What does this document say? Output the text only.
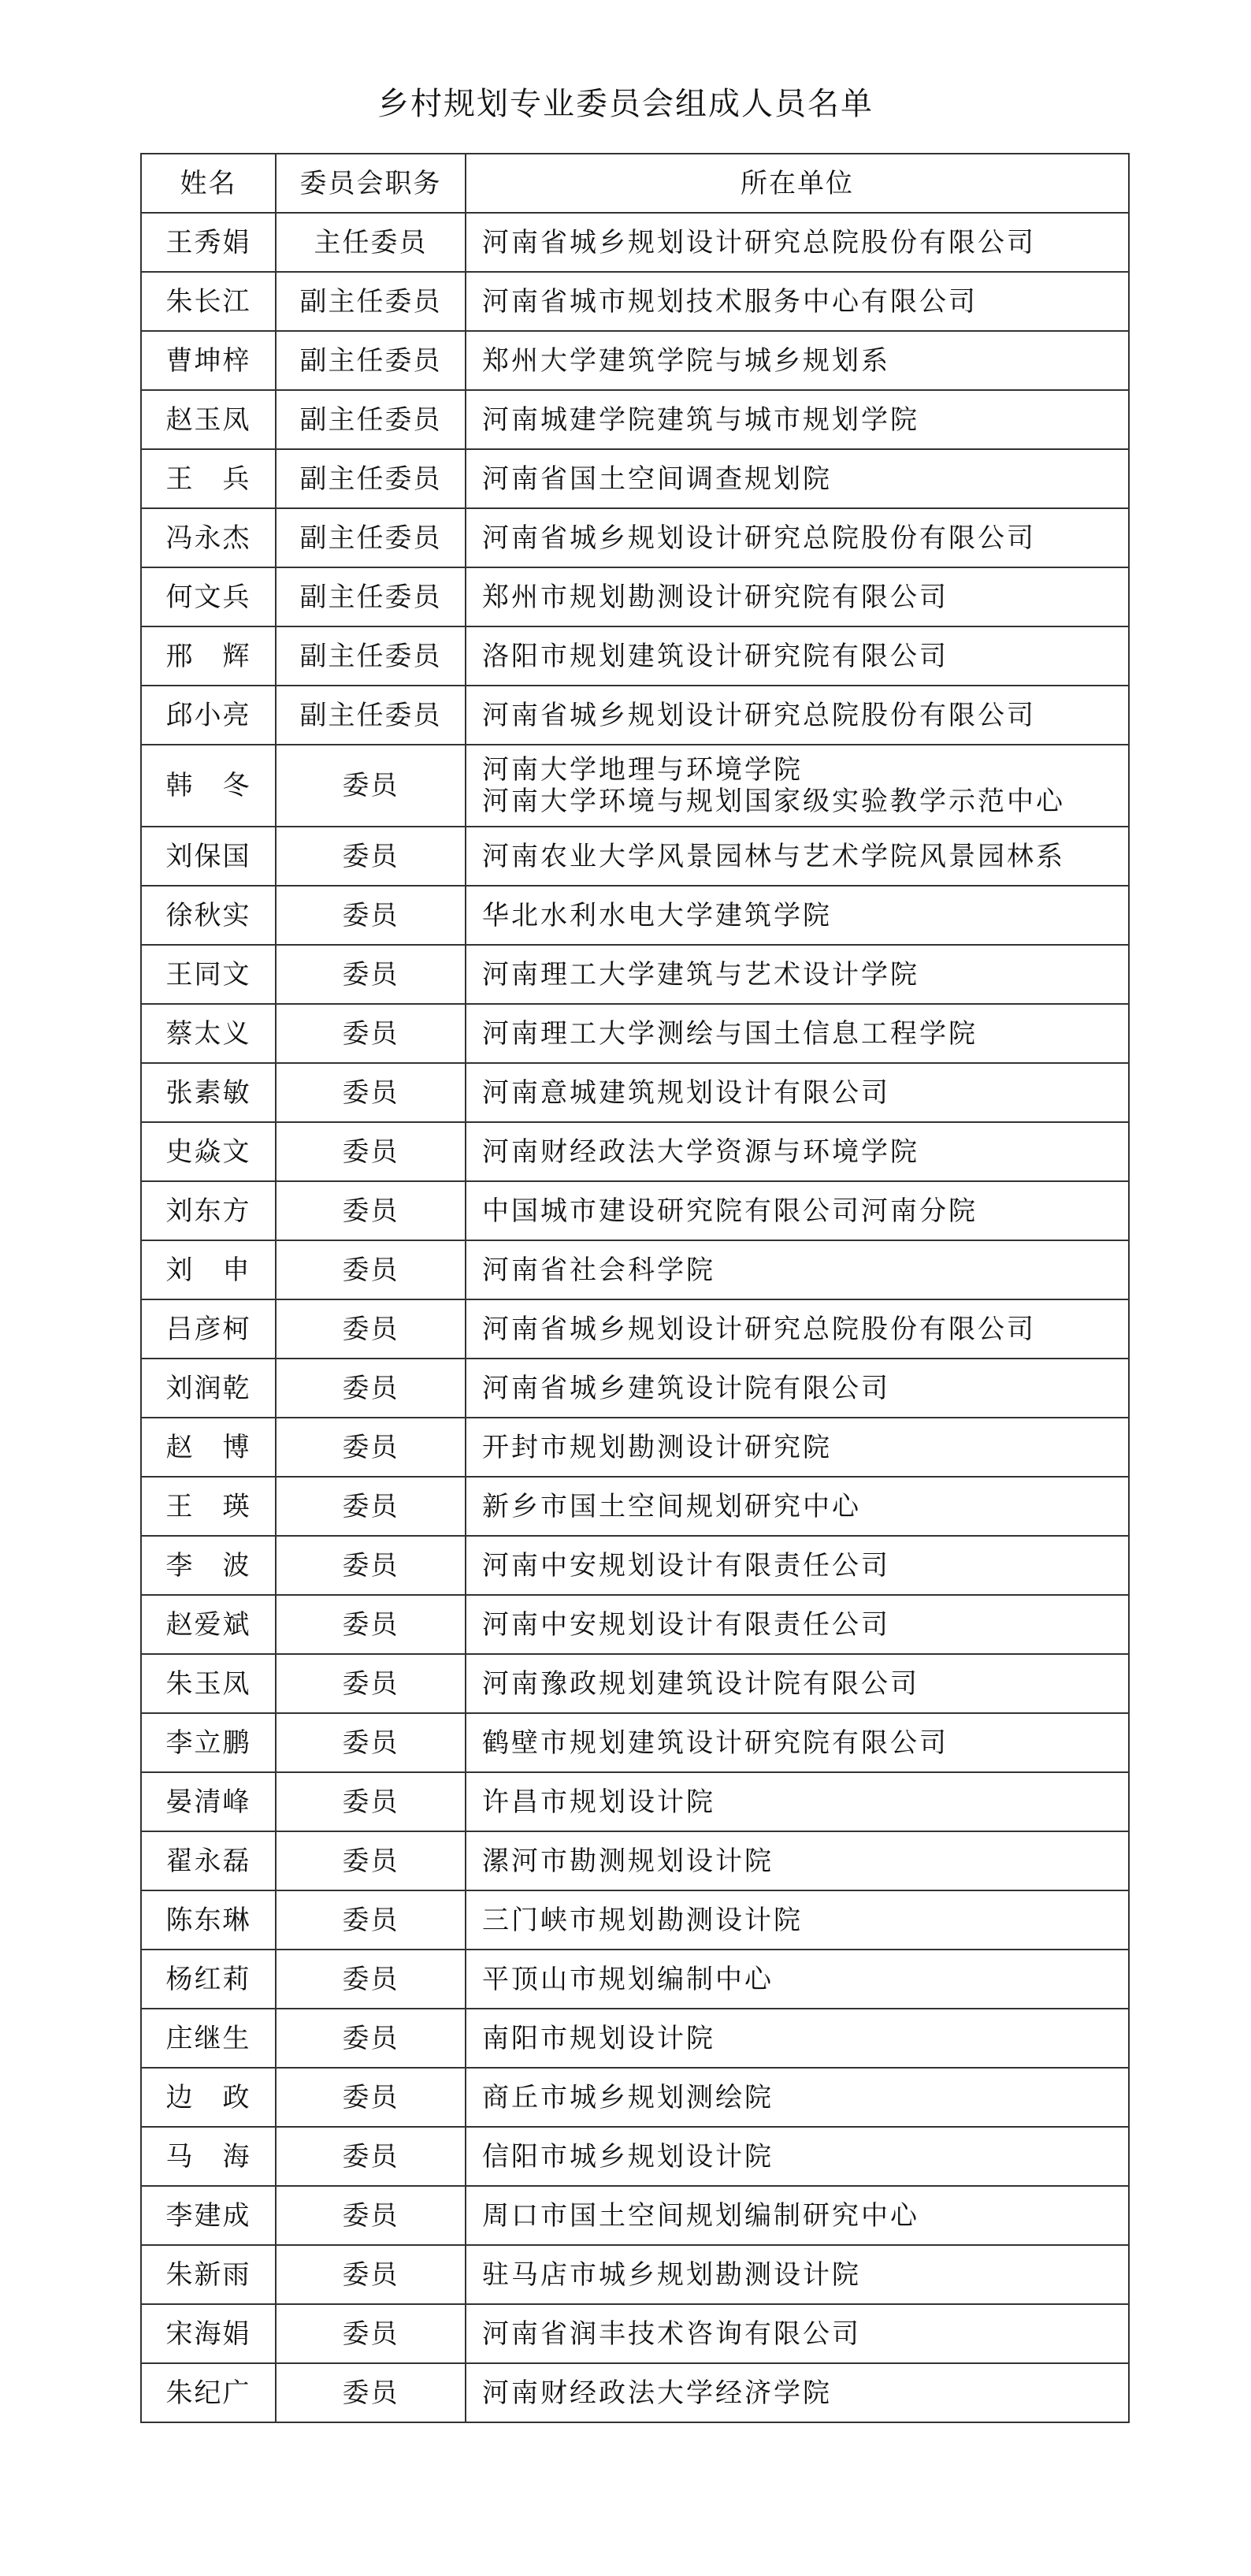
乡村规划专业委员会组成人员名单
姓名	委员会职务	所在单位
王秀娟	主任委员	河南省城乡规划设计研究总院股份有限公司
朱长江	副主任委员	河南省城市规划技术服务中心有限公司
曹坤梓	副主任委员	郑州大学建筑学院与城乡规划系
赵玉凤	副主任委员	河南城建学院建筑与城市规划学院
王　兵	副主任委员	河南省国土空间调查规划院
冯永杰	副主任委员	河南省城乡规划设计研究总院股份有限公司
何文兵	副主任委员	郑州市规划勘测设计研究院有限公司
邢　辉	副主任委员	洛阳市规划建筑设计研究院有限公司
邱小亮	副主任委员	河南省城乡规划设计研究总院股份有限公司
韩　冬	委员	河南大学地理与环境学院
河南大学环境与规划国家级实验教学示范中心

刘保国	委员	河南农业大学风景园林与艺术学院风景园林系
徐秋实	委员	华北水利水电大学建筑学院
王同文	委员	河南理工大学建筑与艺术设计学院
蔡太义	委员	河南理工大学测绘与国土信息工程学院
张素敏	委员	河南意城建筑规划设计有限公司
史焱文	委员	河南财经政法大学资源与环境学院
刘东方	委员	中国城市建设研究院有限公司河南分院
刘　申	委员	河南省社会科学院
吕彦柯	委员	河南省城乡规划设计研究总院股份有限公司
刘润乾	委员	河南省城乡建筑设计院有限公司
赵　博	委员	开封市规划勘测设计研究院
王　瑛	委员	新乡市国土空间规划研究中心
李　波	委员	河南中安规划设计有限责任公司
赵爱斌	委员	河南中安规划设计有限责任公司
朱玉凤	委员	河南豫政规划建筑设计院有限公司
李立鹏	委员	鹤壁市规划建筑设计研究院有限公司
晏清峰	委员	许昌市规划设计院
翟永磊	委员	漯河市勘测规划设计院
陈东琳	委员	三门峡市规划勘测设计院
杨红莉	委员	平顶山市规划编制中心
庄继生	委员	南阳市规划设计院
边　政	委员	商丘市城乡规划测绘院
马　海	委员	信阳市城乡规划设计院
李建成	委员	周口市国土空间规划编制研究中心
朱新雨	委员	驻马店市城乡规划勘测设计院
宋海娟	委员	河南省润丰技术咨询有限公司
朱纪广	委员	河南财经政法大学经济学院
